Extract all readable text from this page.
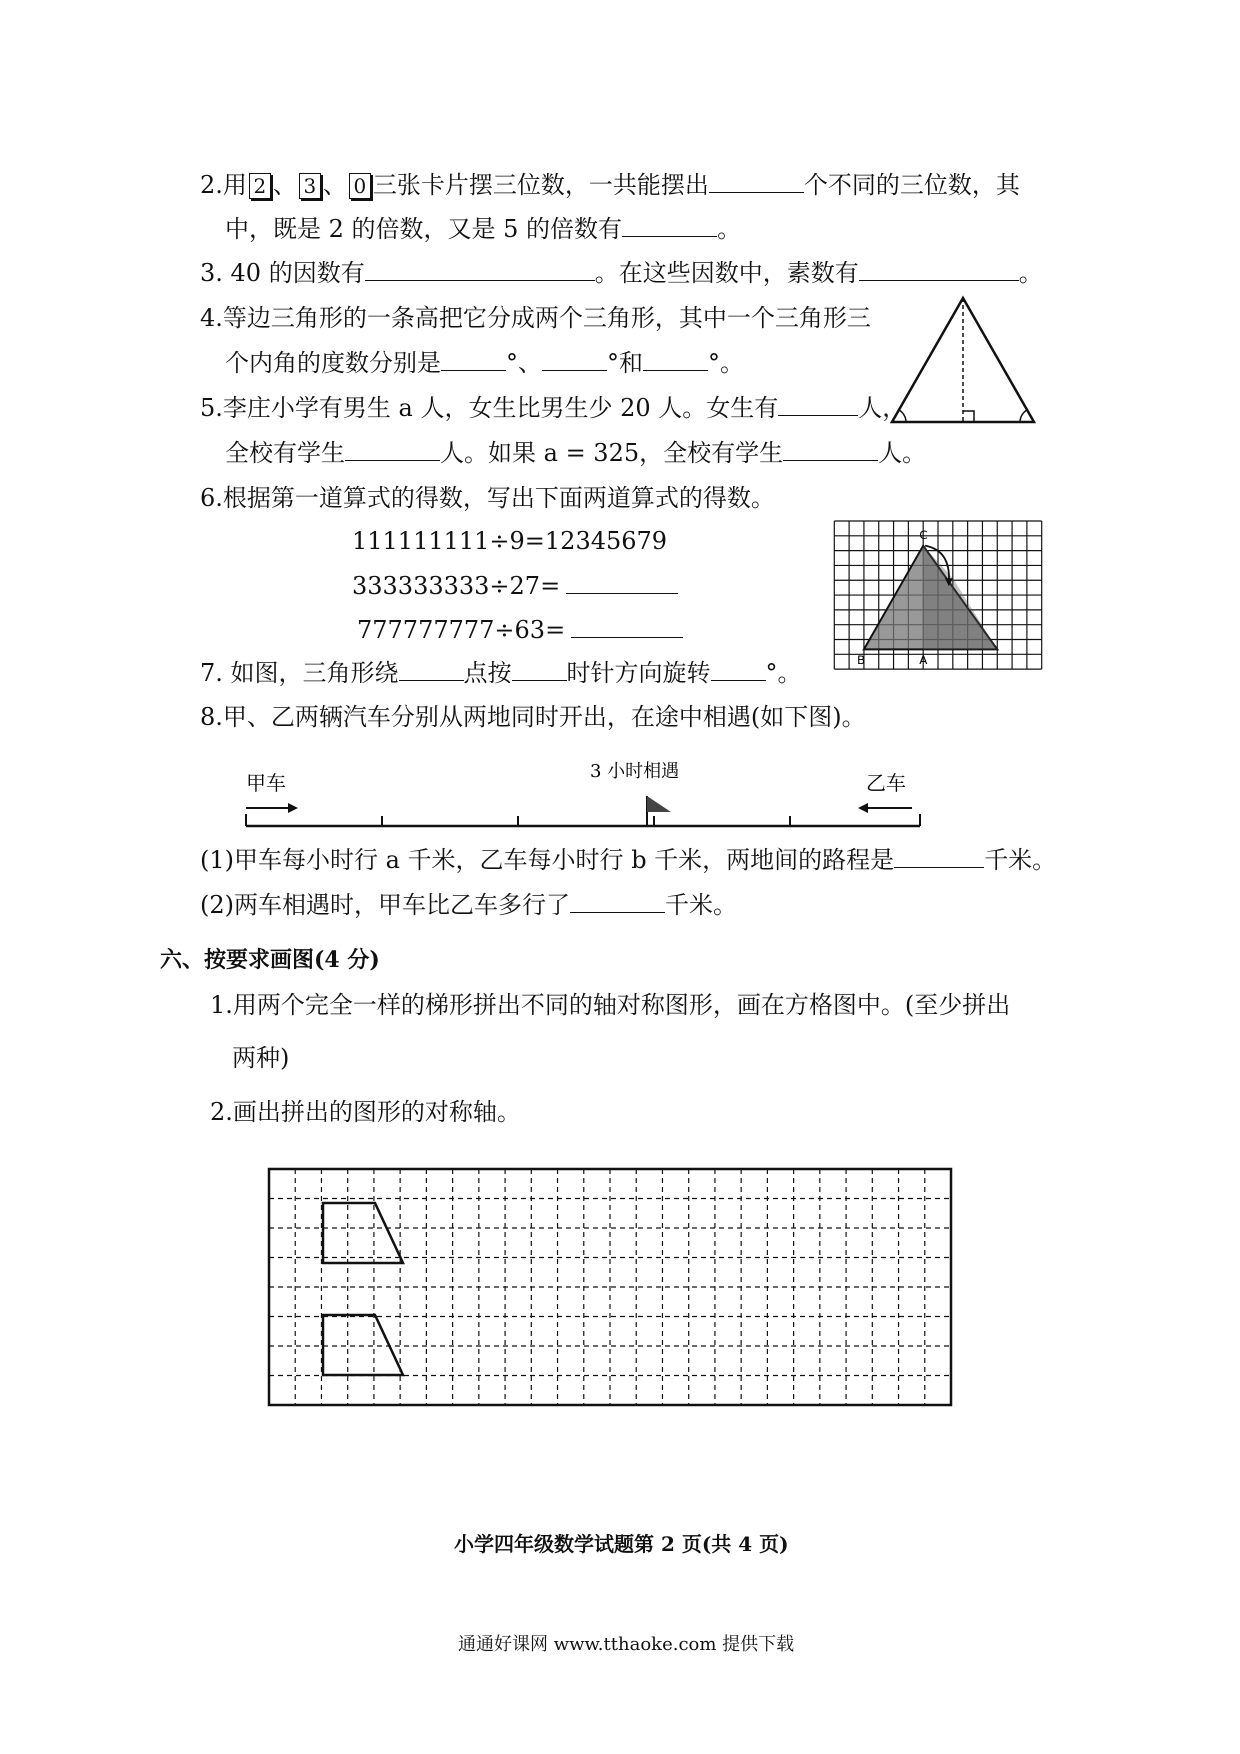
2.用 2 、 3 、 0 三张卡片摆三位数，一共能摆出	个不同的三位数，其
中，既是 2 的倍数，又是 5 的倍数有	。
3. 40 的因数有	。在这些因数中，素数有	。
4.等边三角形的一条高把它分成两个三角形，其中一个三角形三
个内角的度数分别是	°、	°和	°。
5.李庄小学有男生 a 人，女生比男生少 20 人。女生有	人，
全校有学生	人。如果 a = 325，全校有学生	人。
6.根据第一道算式的得数，写出下面两道算式的得数。
111111111÷9=12345679
333333333÷27=
777777777÷63=
C
B	A
7. 如图，三角形绕	点按 时针方向旋转 °。
8.甲、乙两辆汽车分别从两地同时开出，在途中相遇(如下图)。
甲车	乙车
3 小时相遇
(1)甲车每小时行 a 千米，乙车每小时行 b 千米，两地间的路程是	千米。
(2)两车相遇时，甲车比乙车多行了	千米。
六、按要求画图(4 分)
1.用两个完全一样的梯形拼出不同的轴对称图形，画在方格图中。(至少拼出
两种)
2.画出拼出的图形的对称轴。
小学四年级数学试题第 2 页(共 4 页)
通通好课网 www.tthaoke.com 提供下载
